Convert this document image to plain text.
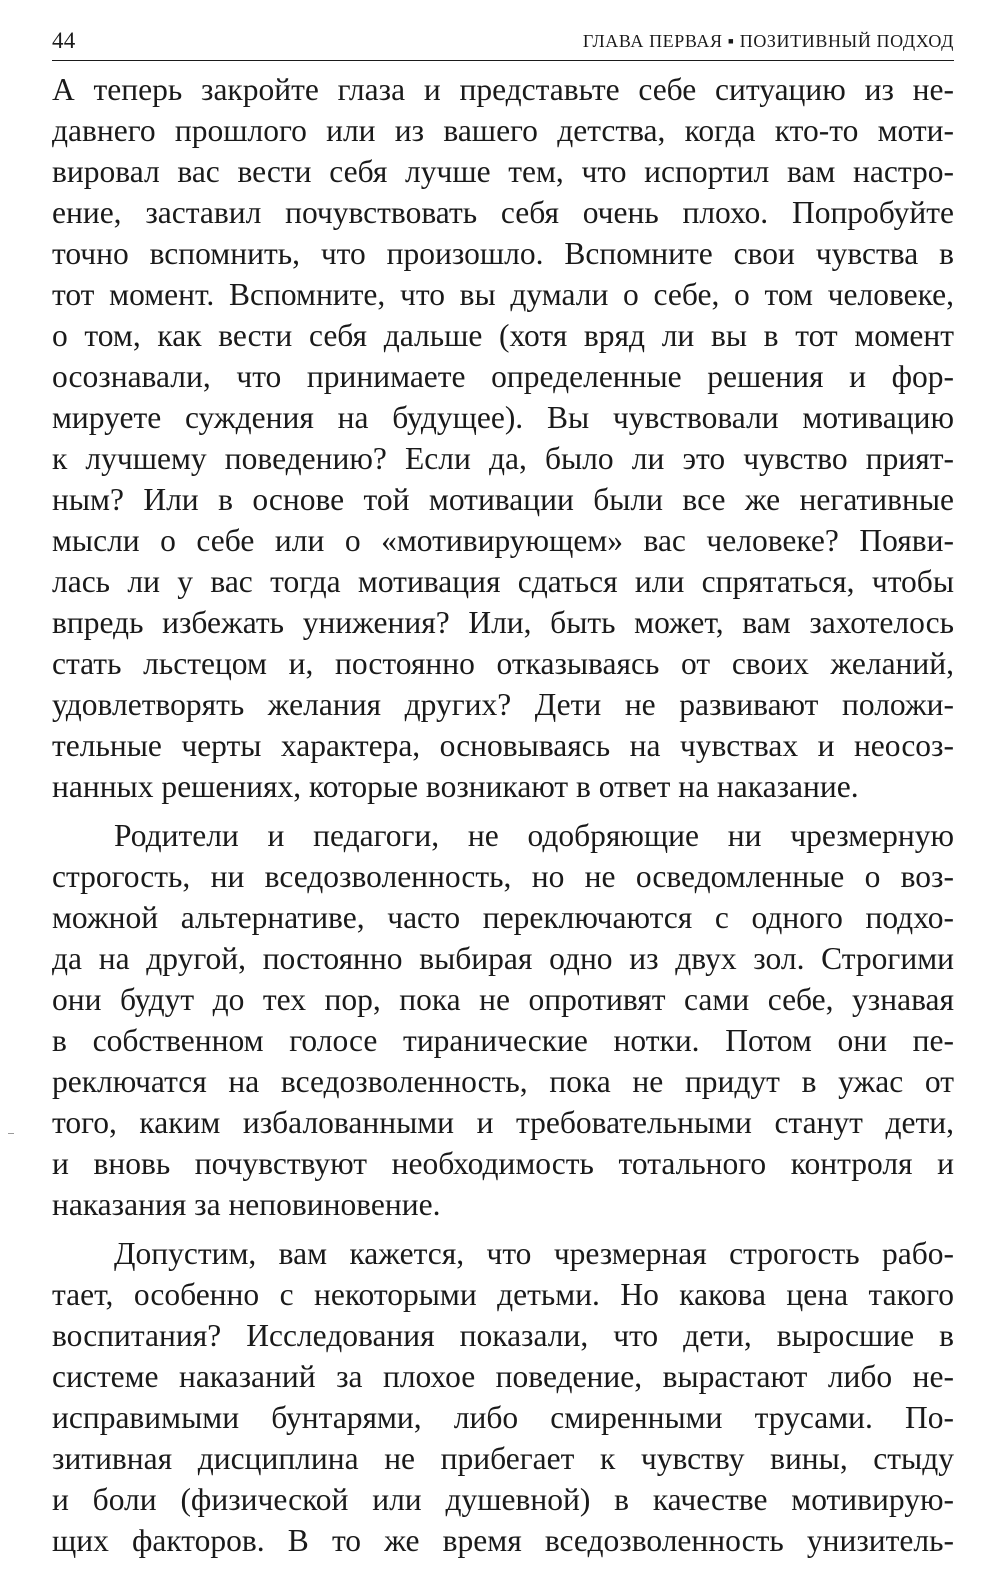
44	ГЛАВА ПЕРВАЯ ▪ ПОЗИТИВНЫЙ ПОДХОД
А теперь закройте глаза и представьте себе ситуацию из не-
давнего прошлого или из вашего детства, когда кто-то моти-
вировал вас вести себя лучше тем, что испортил вам настро-
ение, заставил почувствовать себя очень плохо. Попробуйте
точно вспомнить, что произошло. Вспомните свои чувства в
тот момент. Вспомните, что вы думали о себе, о том человеке,
о том, как вести себя дальше (хотя вряд ли вы в тот момент
осознавали, что принимаете определенные решения и фор-
мируете суждения на будущее). Вы чувствовали мотивацию
к лучшему поведению? Если да, было ли это чувство прият-
ным? Или в основе той мотивации были все же негативные
мысли о себе или о «мотивирующем» вас человеке? Появи-
лась ли у вас тогда мотивация сдаться или спрятаться, чтобы
впредь избежать унижения? Или, быть может, вам захотелось
стать льстецом и, постоянно отказываясь от своих желаний,
удовлетворять желания других? Дети не развивают положи-
тельные черты характера, основываясь на чувствах и неосоз-
нанных решениях, которые возникают в ответ на наказание.
Родители и педагоги, не одобряющие ни чрезмерную
строгость, ни вседозволенность, но не осведомленные о воз-
можной альтернативе, часто переключаются с одного подхо-
да на другой, постоянно выбирая одно из двух зол. Строгими
они будут до тех пор, пока не опротивят сами себе, узнавая
в собственном голосе тиранические нотки. Потом они пе-
реключатся на вседозволенность, пока не придут в ужас от
того, каким избалованными и требовательными станут дети,
и вновь почувствуют необходимость тотального контроля и
наказания за неповиновение.
Допустим, вам кажется, что чрезмерная строгость рабо-
тает, особенно с некоторыми детьми. Но какова цена такого
воспитания? Исследования показали, что дети, выросшие в
системе наказаний за плохое поведение, вырастают либо не-
исправимыми бунтарями, либо смиренными трусами. По-
зитивная дисциплина не прибегает к чувству вины, стыду
и боли (физической или душевной) в качестве мотивирую-
щих факторов. В то же время вседозволенность унизитель-
